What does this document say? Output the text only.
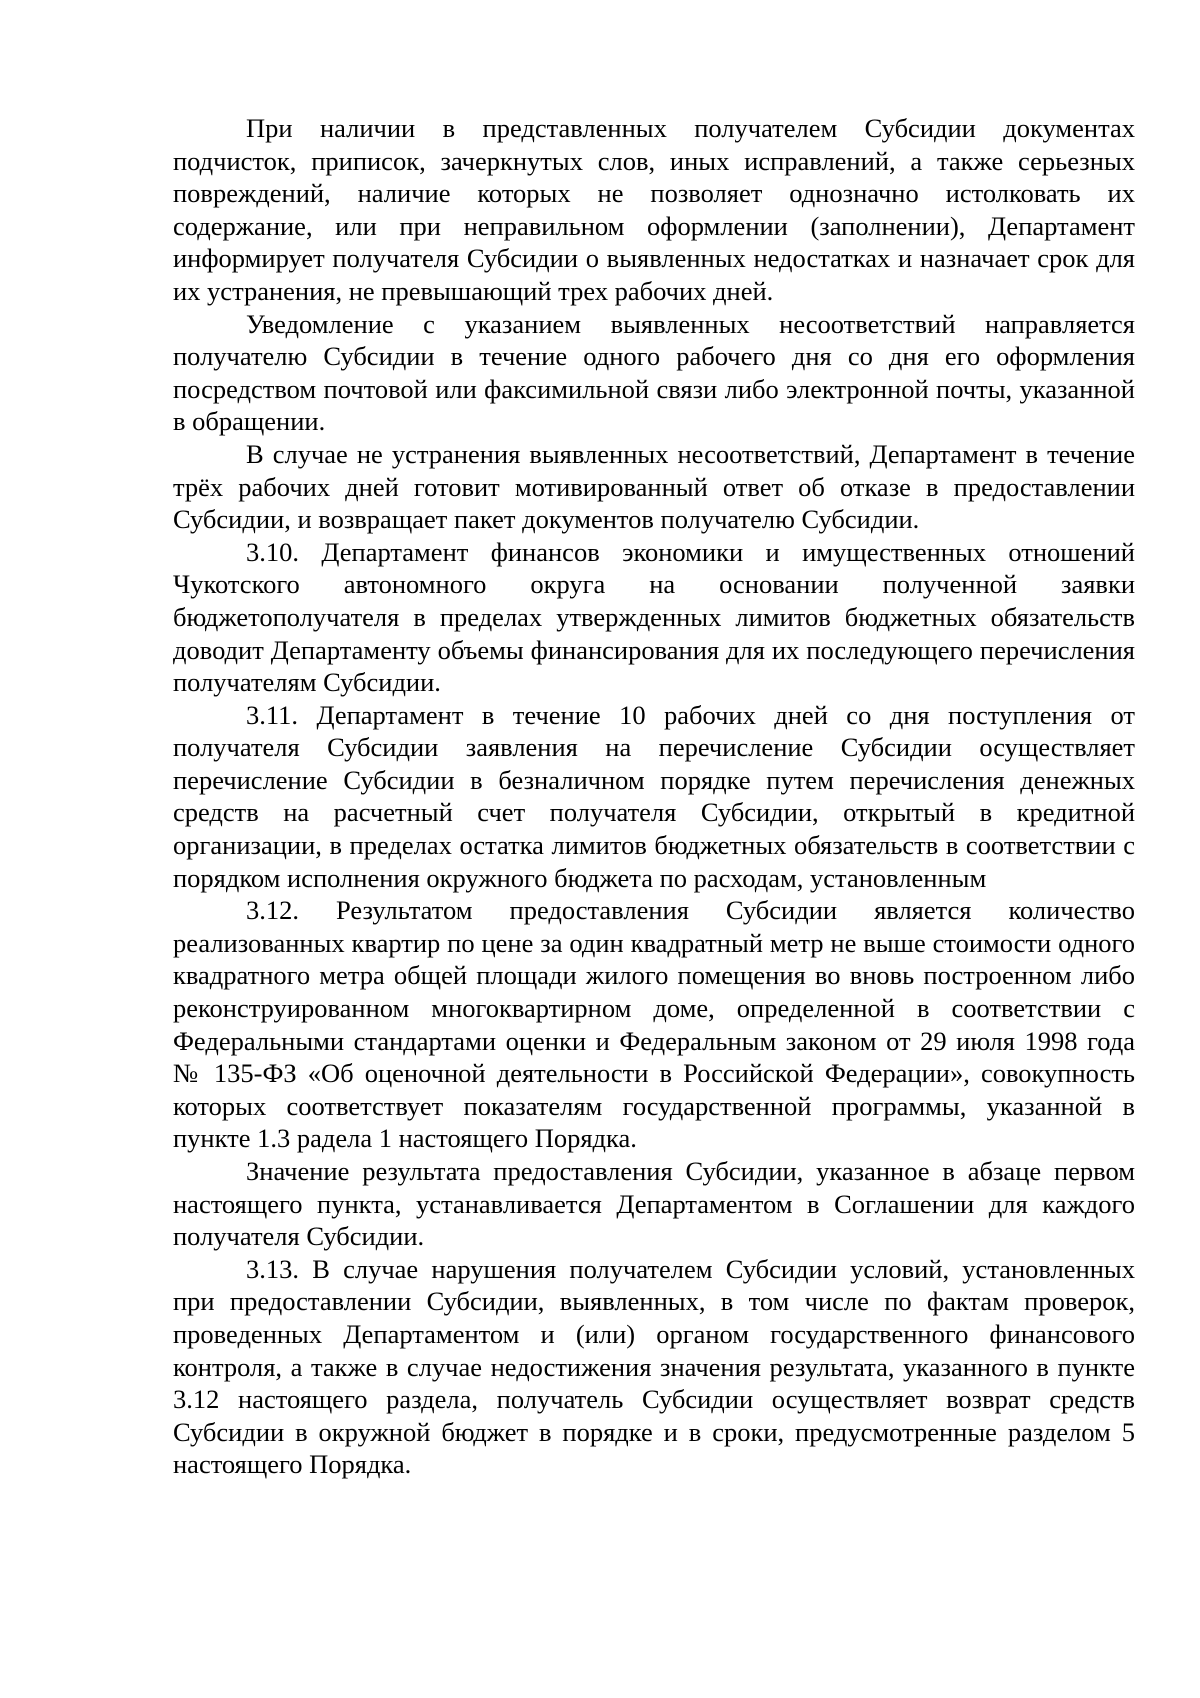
При наличии в представленных получателем Субсидии документах подчисток, приписок, зачеркнутых слов, иных исправлений, а также серьезных повреждений, наличие которых не позволяет однозначно истолковать их содержание, или при неправильном оформлении (заполнении), Департамент информирует получателя Субсидии о выявленных недостатках и назначает срок для их устранения, не превышающий трех рабочих дней.

Уведомление с указанием выявленных несоответствий направляется получателю Субсидии в течение одного рабочего дня со дня его оформления посредством почтовой или факсимильной связи либо электронной почты, указанной в обращении.

В случае не устранения выявленных несоответствий, Департамент в течение трёх рабочих дней готовит мотивированный ответ об отказе в предоставлении Субсидии, и возвращает пакет документов получателю Субсидии.

3.10. Департамент финансов экономики и имущественных отношений Чукотского автономного округа на основании полученной заявки бюджетополучателя в пределах утвержденных лимитов бюджетных обязательств доводит Департаменту объемы финансирования для их последующего перечисления получателям Субсидии.

3.11. Департамент в течение 10 рабочих дней со дня поступления от получателя Субсидии заявления на перечисление Субсидии осуществляет перечисление Субсидии в безналичном порядке путем перечисления денежных средств на расчетный счет получателя Субсидии, открытый в кредитной организации, в пределах остатка лимитов бюджетных обязательств в соответствии с порядком исполнения окружного бюджета по расходам, установленным

3.12. Результатом предоставления Субсидии является количество реализованных квартир по цене за один квадратный метр не выше стоимости одного квадратного метра общей площади жилого помещения во вновь построенном либо реконструированном многоквартирном доме, определенной в соответствии с Федеральными стандартами оценки и Федеральным законом от 29 июля 1998 года № 135-ФЗ «Об оценочной деятельности в Российской Федерации», совокупность которых соответствует показателям государственной программы, указанной в пункте 1.3 радела 1 настоящего Порядка.

Значение результата предоставления Субсидии, указанное в абзаце первом настоящего пункта, устанавливается Департаментом в Соглашении для каждого получателя Субсидии.

3.13. В случае нарушения получателем Субсидии условий, установленных при предоставлении Субсидии, выявленных, в том числе по фактам проверок, проведенных Департаментом и (или) органом государственного финансового контроля, а также в случае недостижения значения результата, указанного в пункте 3.12 настоящего раздела, получатель Субсидии осуществляет возврат средств Субсидии в окружной бюджет в порядке и в сроки, предусмотренные разделом 5 настоящего Порядка.
